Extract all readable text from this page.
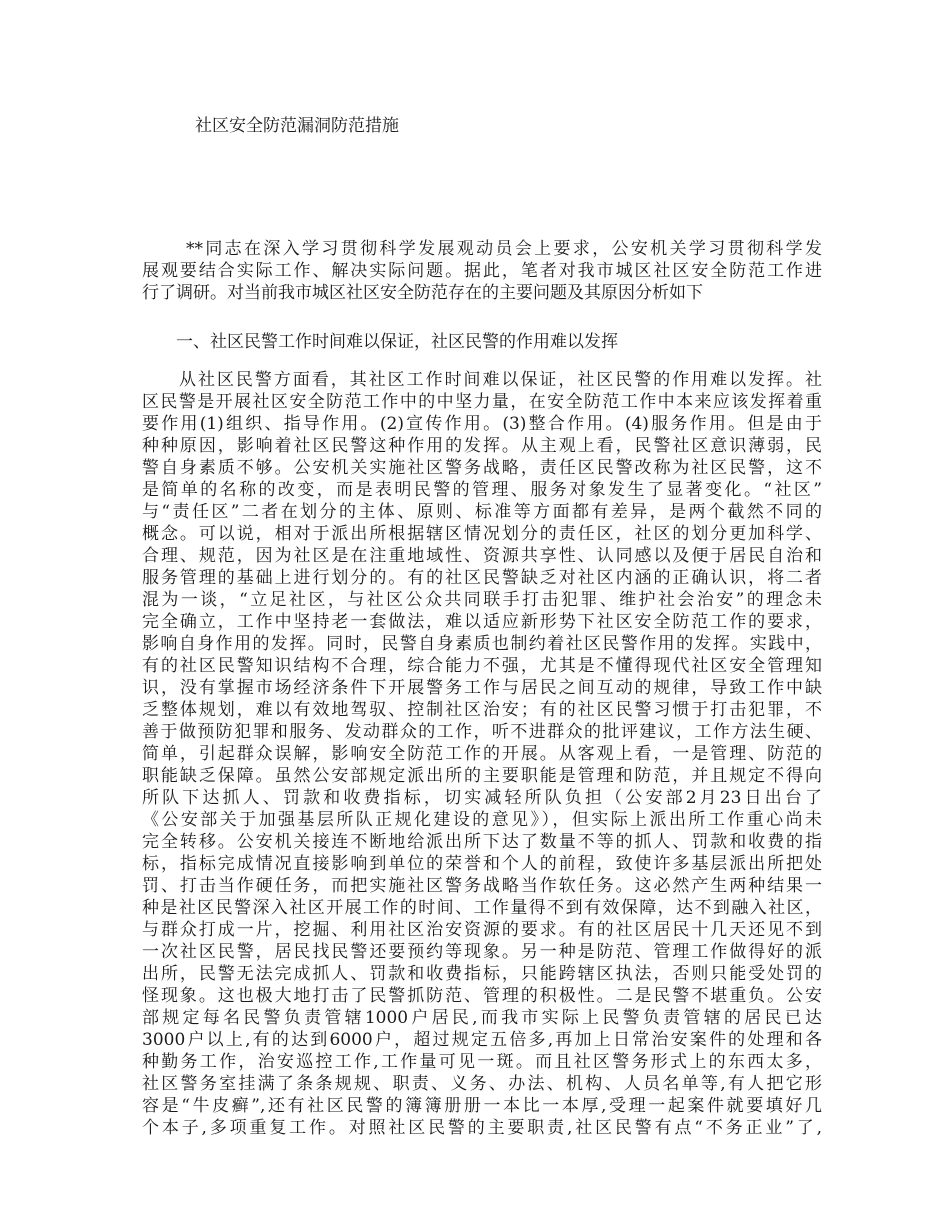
社区安全防范漏洞防范措施
**同志在深入学习贯彻科学发展观动员会上要求，公安机关学习贯彻科学发
展观要结合实际工作、解决实际问题。据此，笔者对我市城区社区安全防范工作进
行了调研。对当前我市城区社区安全防范存在的主要问题及其原因分析如下
一、社区民警工作时间难以保证，社区民警的作用难以发挥
从社区民警方面看，其社区工作时间难以保证，社区民警的作用难以发挥。社
区民警是开展社区安全防范工作中的中坚力量，在安全防范工作中本来应该发挥着重
要作用(1)组织、指导作用。(2)宣传作用。(3)整合作用。(4)服务作用。但是由于
种种原因，影响着社区民警这种作用的发挥。从主观上看，民警社区意识薄弱，民
警自身素质不够。公安机关实施社区警务战略，责任区民警改称为社区民警，这不
是简单的名称的改变，而是表明民警的管理、服务对象发生了显著变化。“社区”
与“责任区”二者在划分的主体、原则、标准等方面都有差异，是两个截然不同的
概念。可以说，相对于派出所根据辖区情况划分的责任区，社区的划分更加科学、
合理、规范，因为社区是在注重地域性、资源共享性、认同感以及便于居民自治和
服务管理的基础上进行划分的。有的社区民警缺乏对社区内涵的正确认识，将二者
混为一谈，“立足社区，与社区公众共同联手打击犯罪、维护社会治安”的理念未
完全确立，工作中坚持老一套做法，难以适应新形势下社区安全防范工作的要求，
影响自身作用的发挥。同时，民警自身素质也制约着社区民警作用的发挥。实践中，
有的社区民警知识结构不合理，综合能力不强，尤其是不懂得现代社区安全管理知
识，没有掌握市场经济条件下开展警务工作与居民之间互动的规律，导致工作中缺
乏整体规划，难以有效地驾驭、控制社区治安；有的社区民警习惯于打击犯罪，不
善于做预防犯罪和服务、发动群众的工作，听不进群众的批评建议，工作方法生硬、
简单，引起群众误解，影响安全防范工作的开展。从客观上看，一是管理、防范的
职能缺乏保障。虽然公安部规定派出所的主要职能是管理和防范，并且规定不得向
所队下达抓人、罚款和收费指标，切实减轻所队负担（公安部2月23日出台了
《公安部关于加强基层所队正规化建设的意见》），但实际上派出所工作重心尚未
完全转移。公安机关接连不断地给派出所下达了数量不等的抓人、罚款和收费的指
标，指标完成情况直接影响到单位的荣誉和个人的前程，致使许多基层派出所把处
罚、打击当作硬任务，而把实施社区警务战略当作软任务。这必然产生两种结果一
种是社区民警深入社区开展工作的时间、工作量得不到有效保障，达不到融入社区，
与群众打成一片，挖掘、利用社区治安资源的要求。有的社区居民十几天还见不到
一次社区民警，居民找民警还要预约等现象。另一种是防范、管理工作做得好的派
出所，民警无法完成抓人、罚款和收费指标，只能跨辖区执法，否则只能受处罚的
怪现象。这也极大地打击了民警抓防范、管理的积极性。二是民警不堪重负。公安
部规定每名民警负责管辖1000户居民,而我市实际上民警负责管辖的居民已达
3000户以上,有的达到6000户，超过规定五倍多,再加上日常治安案件的处理和各
种勤务工作，治安巡控工作,工作量可见一斑。而且社区警务形式上的东西太多，
社区警务室挂满了条条规规、职责、义务、办法、机构、人员名单等,有人把它形
容是“牛皮癣”,还有社区民警的簿簿册册一本比一本厚,受理一起案件就要填好几
个本子,多项重复工作。对照社区民警的主要职责,社区民警有点“不务正业”了,
